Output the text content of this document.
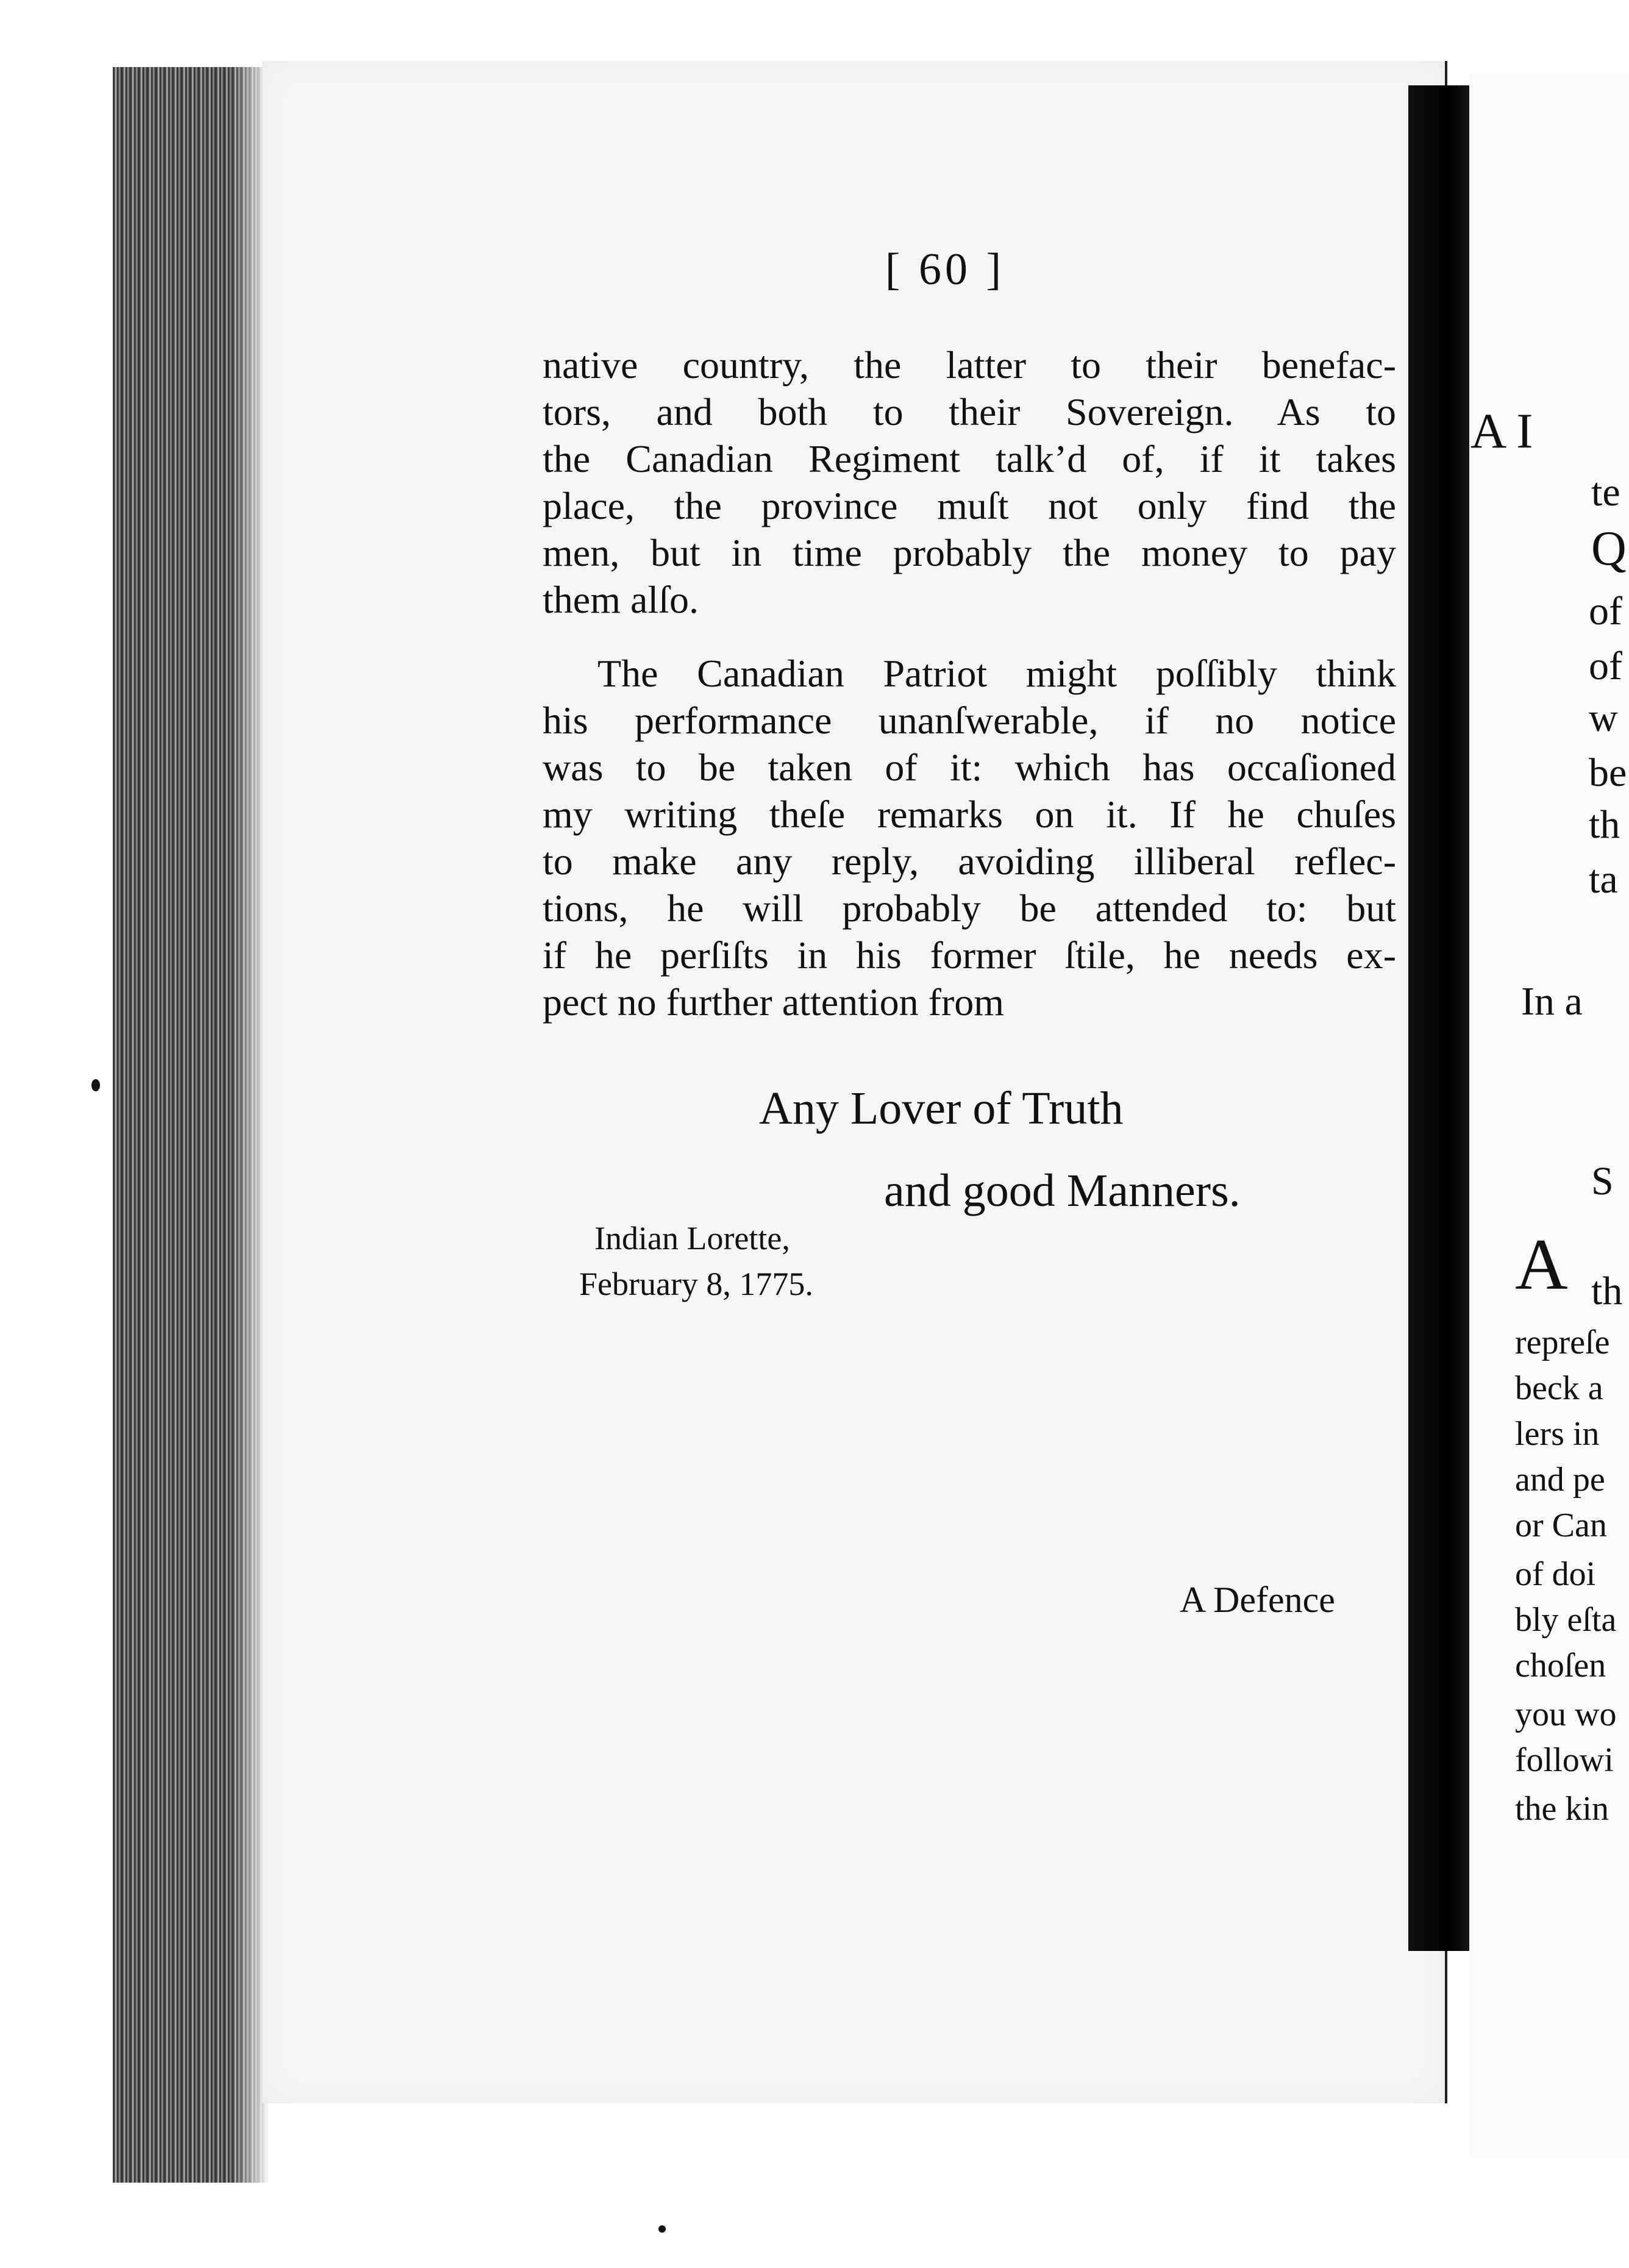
A I
te
Q
of
of
w
be
th
ta
In a
S
A th
repreſe
beck a
lers in
and pe
or Can
of doi
bly eſta
choſen
you wo
followi
the kin
[ 60 ]
native country, the latter to their benefac-
tors, and both to their Sovereign. As to
the Canadian Regiment talk’d of, if it takes
place, the province muſt not only find the
men, but in time probably the money to pay
them alſo.
The Canadian Patriot might poſſibly think
his performance unanſwerable, if no notice
was to be taken of it: which has occaſioned
my writing theſe remarks on it. If he chuſes
to make any reply, avoiding illiberal reflec-
tions, he will probably be attended to: but
if he perſiſts in his former ſtile, he needs ex-
pect no further attention from
Any Lover of Truth
and good Manners.
Indian Lorette,
February 8, 1775.
A Defence
